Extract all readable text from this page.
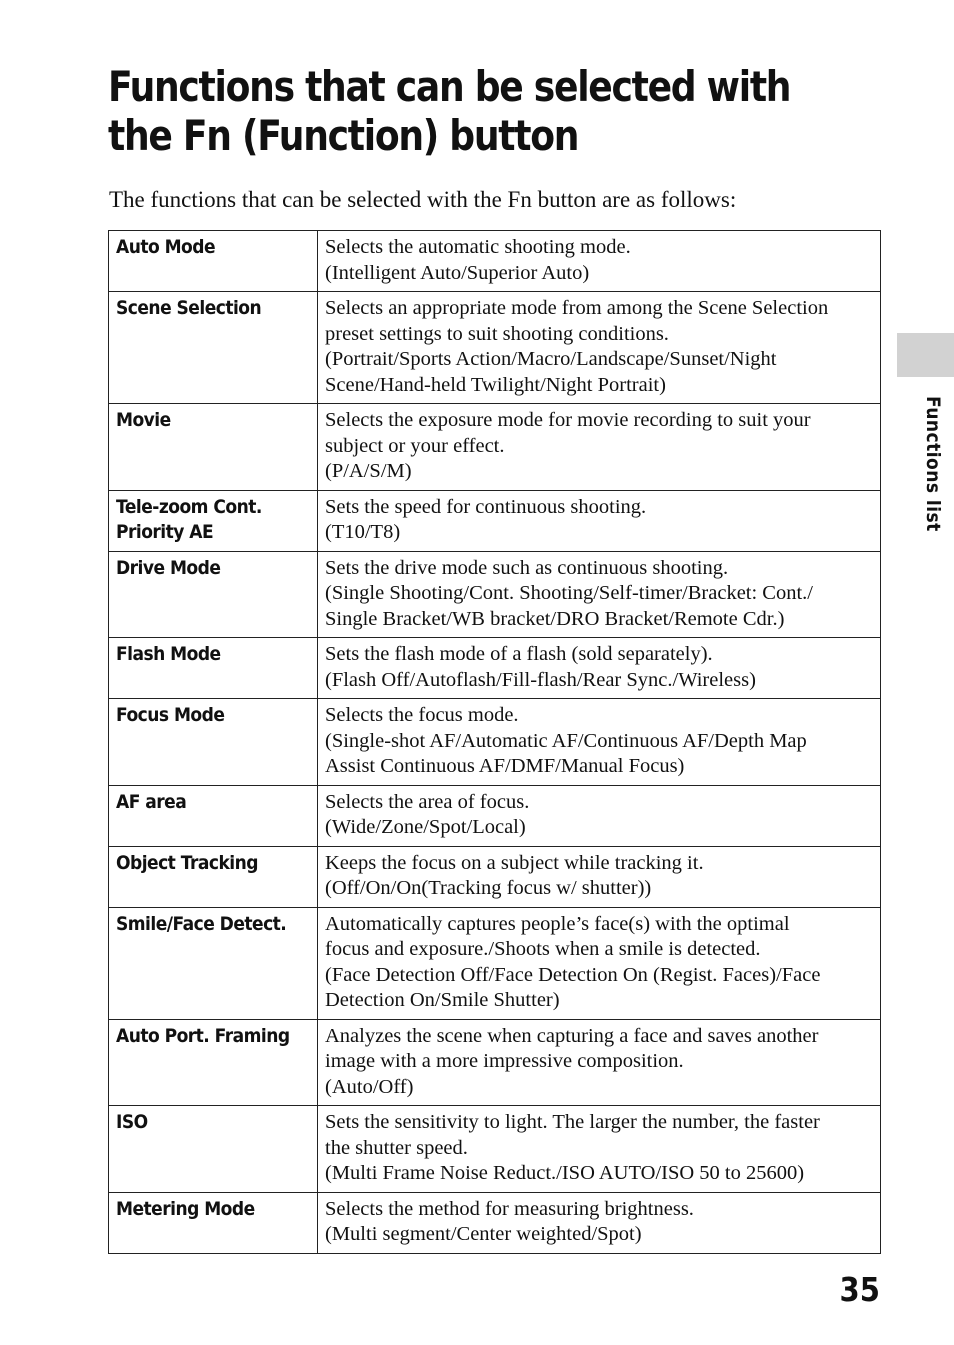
Functions that can be selected with
the Fn (Function) button

The functions that can be selected with the Fn button are as follows:

Auto Mode	Selects the automatic shooting mode.
(Intelligent Auto/Superior Auto)

Scene Selection	Selects an appropriate mode from among the Scene Selection
preset settings to suit shooting conditions.
(Portrait/Sports Action/Macro/Landscape/Sunset/Night
Scene/Hand-held Twilight/Night Portrait)

Movie	Selects the exposure mode for movie recording to suit your
subject or your effect.
(P/A/S/M)

Tele-zoom Cont.
Priority AE	Sets the speed for continuous shooting.
(T10/T8)

Drive Mode	Sets the drive mode such as continuous shooting.
(Single Shooting/Cont. Shooting/Self-timer/Bracket: Cont./
Single Bracket/WB bracket/DRO Bracket/Remote Cdr.)

Flash Mode	Sets the flash mode of a flash (sold separately).
(Flash Off/Autoflash/Fill-flash/Rear Sync./Wireless)

Focus Mode	Selects the focus mode.
(Single-shot AF/Automatic AF/Continuous AF/Depth Map
Assist Continuous AF/DMF/Manual Focus)

AF area	Selects the area of focus.
(Wide/Zone/Spot/Local)

Object Tracking	Keeps the focus on a subject while tracking it.
(Off/On/On(Tracking focus w/ shutter))

Smile/Face Detect.	Automatically captures people’s face(s) with the optimal
focus and exposure./Shoots when a smile is detected.
(Face Detection Off/Face Detection On (Regist. Faces)/Face
Detection On/Smile Shutter)

Auto Port. Framing	Analyzes the scene when capturing a face and saves another
image with a more impressive composition.
(Auto/Off)

ISO	Sets the sensitivity to light. The larger the number, the faster
the shutter speed.
(Multi Frame Noise Reduct./ISO AUTO/ISO 50 to 25600)

Metering Mode	Selects the method for measuring brightness.
(Multi segment/Center weighted/Spot)
Functions list
35
